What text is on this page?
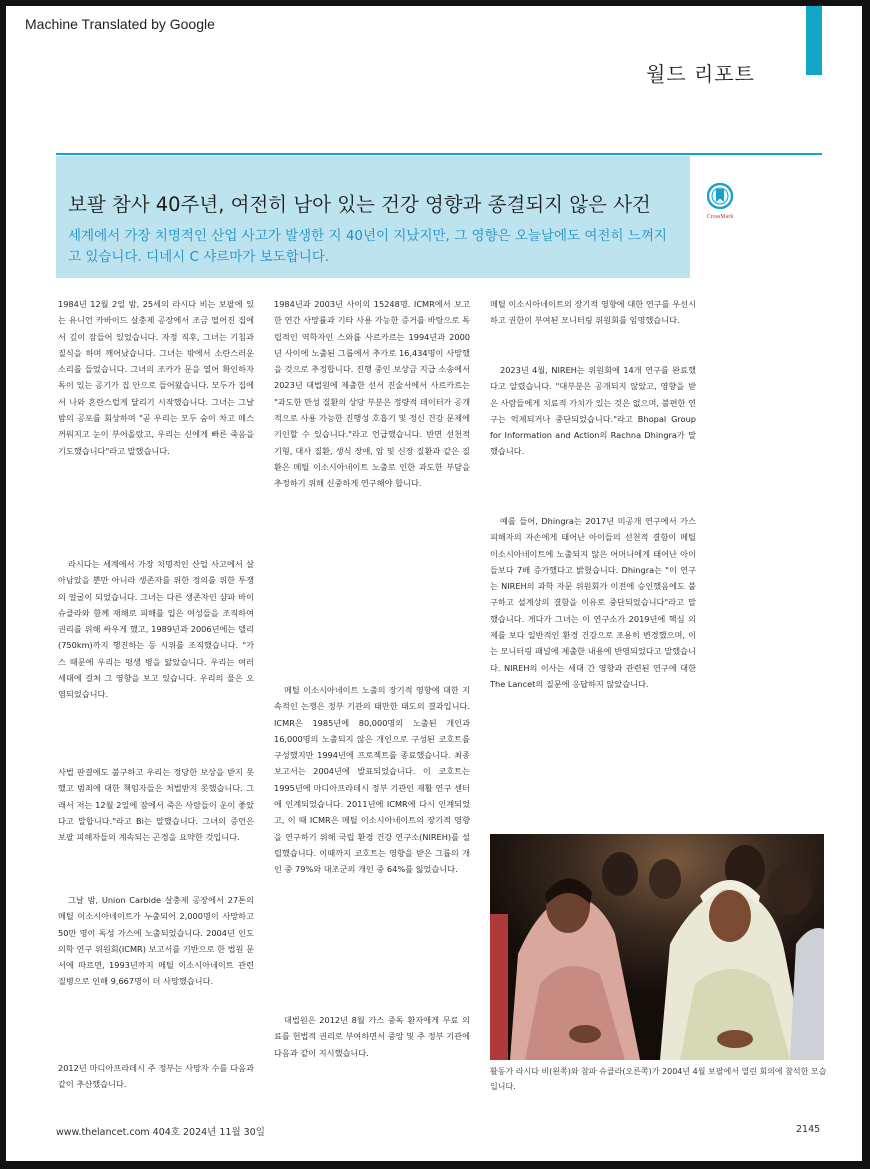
Machine Translated by Google
월드 리포트
보팔 참사 40주년, 여전히 남아 있는 건강 영향과 종결되지 않은 사건
세계에서 가장 치명적인 산업 사고가 발생한 지 40년이 지났지만, 그 영향은 오늘날에도 여전히 느껴지고 있습니다. 디네시 C 샤르마가 보도합니다.
CrossMark

1984년 12월 2일 밤, 25세의 라시다 비는 보팔에 있는 유니언 카바이드 살충제 공장에서 조금 떨어진 집에서 깊이 잠들어 있었습니다. 자정 직후, 그녀는 기침과 질식을 하며 깨어났습니다. 그녀는 밖에서 소란스러운 소리를 들었습니다. 그녀의 조카가 문을 열어 확인하자 독이 있는 공기가 집 안으로 들어왔습니다. 모두가 집에서 나와 혼란스럽게 달리기 시작했습니다. 그녀는 그날 밤의 공포를 회상하며 "곧 우리는 모두 숨이 차고 메스꺼워지고 눈이 부어올랐고, 우리는 신에게 빠른 죽음을 기도했습니다"라고 말했습니다.

라시다는 세계에서 가장 치명적인 산업 사고에서 살아남았을 뿐만 아니라 생존자를 위한 정의를 위한 투쟁의 얼굴이 되었습니다. 그녀는 다른 생존자인 샴파 바이 슈클라와 함께 재해로 피해를 입은 여성들을 조직하여 권리를 위해 싸우게 했고, 1989년과 2006년에는 델리(750km)까지 행진하는 등 시위를 조직했습니다. "가스 때문에 우리는 평생 병을 앓았습니다. 우리는 여러 세대에 걸쳐 그 영향을 보고 있습니다. 우리의 물은 오염되었습니다.

사법 판결에도 불구하고 우리는 정당한 보상을 받지 못했고 범죄에 대한 책임자들은 처벌받지 못했습니다. 그래서 저는 12월 2일에 잠에서 죽은 사람들이 운이 좋았다고 말합니다."라고 Bi는 말했습니다. 그녀의 증언은 보팔 피해자들의 계속되는 곤경을 요약한 것입니다.

그날 밤, Union Carbide 살충제 공장에서 27톤의 메틸 이소시아네이트가 누출되어 2,000명이 사망하고 50만 명이 독성 가스에 노출되었습니다. 2004년 인도 의학 연구 위원회(ICMR) 보고서를 기반으로 한 법원 문서에 따르면, 1993년까지 메틸 이소시아네이트 관련 질병으로 인해 9,667명이 더 사망했습니다.

2012년 마디아프라데시 주 정부는 사망자 수를 다음과 같이 추산했습니다.

1984년과 2003년 사이의 15248명. ICMR에서 보고한 연간 사망률과 기타 사용 가능한 증거를 바탕으로 독립적인 역학자인 스와룹 사르카르는 1994년과 2000년 사이에 노출된 그룹에서 추가로 16,434명이 사망했을 것으로 추정합니다. 진행 중인 보상금 지급 소송에서 2023년 대법원에 제출한 선서 진술서에서 사르카르는 "과도한 만성 질환의 상당 부분은 정량적 데이터가 공개적으로 사용 가능한 진행성 호흡기 및 정신 건강 문제에 기인할 수 있습니다."라고 언급했습니다. 반면 선천적 기형, 대사 질환, 생식 장애, 암 및 신장 질환과 같은 질환은 메틸 이소시아네이트 노출로 인한 과도한 부담을 추정하기 위해 신중하게 연구해야 합니다.

메틸 이소시아네이트 노출의 장기적 영향에 대한 지속적인 논쟁은 정부 기관의 태만한 태도의 결과입니다. ICMR은 1985년에 80,000명의 노출된 개인과 16,000명의 노출되지 않은 개인으로 구성된 코호트를 구성했지만 1994년에 프로젝트를 종료했습니다. 최종 보고서는 2004년에 발표되었습니다. 이 코호트는 1995년에 마디아프라데시 정부 기관인 재활 연구 센터에 인계되었습니다. 2011년에 ICMR에 다시 인계되었고, 이 때 ICMR은 메틸 이소시아네이트의 장기적 영향을 연구하기 위해 국립 환경 건강 연구소(NIREH)를 설립했습니다. 이때까지 코호트는 영향을 받은 그룹의 개인 중 79%와 대조군의 개인 중 64%를 잃었습니다.

대법원은 2012년 8월 가스 중독 환자에게 무료 의료를 헌법적 권리로 부여하면서 중앙 및 주 정부 기관에 다음과 같이 지시했습니다.

메틸 이소시아네이트의 장기적 영향에 대한 연구를 우선시하고 권한이 부여된 모니터링 위원회를 임명했습니다.

2023년 4월, NIREH는 위원회에 14개 연구를 완료했다고 알렸습니다. "대부분은 공개되지 않았고, 영향을 받은 사람들에게 치료적 가치가 있는 것은 없으며, 불편한 연구는 억제되거나 중단되었습니다."라고 Bhopal Group for Information and Action의 Rachna Dhingra가 말했습니다.

예를 들어, Dhingra는 2017년 미공개 연구에서 가스 피해자의 자손에게 태어난 아이들의 선천적 결함이 메틸 이소시아네이트에 노출되지 않은 어머니에게 태어난 아이들보다 7배 증가했다고 밝혔습니다. Dhingra는 "이 연구는 NIREH의 과학 자문 위원회가 이전에 승인했음에도 불구하고 설계상의 결함을 이유로 중단되었습니다"라고 말했습니다. 게다가 그녀는 이 연구소가 2019년에 핵심 의제를 보다 일반적인 환경 건강으로 조용히 변경했으며, 이는 모니터링 패널에 제출한 내용에 반영되었다고 말했습니다. NIREH의 이사는 세대 간 영향과 관련된 연구에 대한 The Lancet의 질문에 응답하지 않았습니다.

활동가 라시다 비(왼쪽)와 참파 슈클라(오른쪽)가 2004년 4월 보팔에서 열린 회의에 참석한 모습입니다.
www.thelancet.com 404호 2024년 11월 30일	2145
